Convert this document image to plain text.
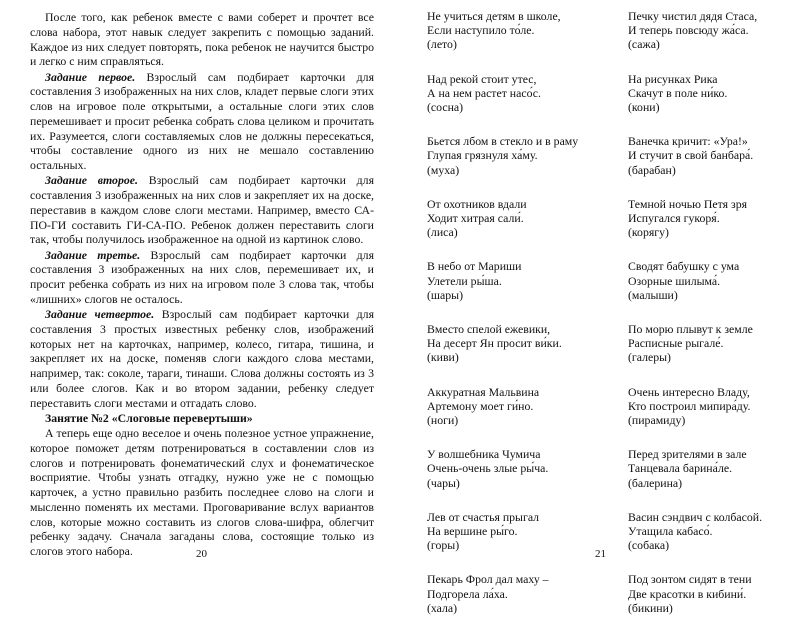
После того, как ребенок вместе с вами соберет и прочтет все слова набора, этот навык следует закрепить с помощью заданий. Каждое из них следует повторять, пока ребенок не научится быстро и легко с ним справляться.

Задание первое. Взрослый сам подбирает карточки для составления 3 изображенных на них слов, кладет первые слоги этих слов на игровое поле открытыми, а остальные слоги этих слов перемешивает и просит ребенка собрать слова целиком и прочитать их. Разумеется, слоги составляемых слов не должны пересекаться, чтобы составление одного из них не мешало составлению остальных.

Задание второе. Взрослый сам подбирает карточки для составления 3 изображенных на них слов и закрепляет их на доске, переставив в каждом слове слоги местами. Например, вместо СА-ПО-ГИ составить ГИ-СА-ПО. Ребенок должен переставить слоги так, чтобы получилось изображенное на одной из картинок слово.

Задание третье. Взрослый сам подбирает карточки для составления 3 изображенных на них слов, перемешивает их, и просит ребенка собрать из них на игровом поле 3 слова так, чтобы «лишних» слогов не осталось.

Задание четвертое. Взрослый сам подбирает карточки для составления 3 простых известных ребенку слов, изображений которых нет на карточках, например, колесо, гитара, тишина, и закрепляет их на доске, поменяв слоги каждого слова местами, например, так: соколе, тараги, тинаши. Слова должны состоять из 3 или более слогов. Как и во втором задании, ребенку следует переставить слоги местами и отгадать слово.

Занятие №2 «Слоговые перевертыши»

А теперь еще одно веселое и очень полезное устное упражнение, которое поможет детям потренироваться в составлении слов из слогов и потренировать фонематический слух и фонематическое восприятие. Чтобы узнать отгадку, нужно уже не с помощью карточек, а устно правильно разбить последнее слово на слоги и мысленно поменять их местами. Проговаривание вслух вариантов слов, которые можно составить из слогов слова-шифра, облегчит ребенку задачу. Сначала загаданы слова, состоящие только из слогов этого набора.	20
Не учиться детям в школе,
Если наступило то́ле.
(лето)
Над рекой стоит утес,
А на нем растет насо́с.
(сосна)
Бьется лбом в стекло и в раму
Глупая грязнуля ха́му.
(муха)
От охотников вдали
Ходит хитрая сали́.
(лиса)
В небо от Мариши
Улетели ры́ша.
(шары)
Вместо спелой ежевики,
На десерт Ян просит ви́ки.
(киви)
Аккуратная Мальвина
Артемону моет ги́но.
(ноги)
У волшебника Чумича
Очень-очень злые ры́ча.
(чары)
Лев от счастья прыгал
На вершине ры́го.
(горы)
Пекарь Фрол дал маху –
Подгорела ла́ха.
(хала)
Печку чистил дядя Стаса,
И теперь повсюду жа́са.
(сажа)
На рисунках Рика
Скачут в поле ни́ко.
(кони)
Ванечка кричит: «Ура!»
И стучит в свой банбара́.
(барабан)
Темной ночью Петя зря
Испугался гукоря́.
(корягу)
Сводят бабушку с ума
Озорные шилыма́.
(малыши)
По морю плывут к земле
Расписные рыгале́.
(галеры)
Очень интересно Владу,
Кто построил мипира́ду.
(пирамиду)
Перед зрителями в зале
Танцевала барина́ле.
(балерина)
Васин сэндвич с колбасой.
Утащила кабасо́.
(собака)
Под зонтом сидят в тени
Две красотки в кибини́.
(бикини)
21
